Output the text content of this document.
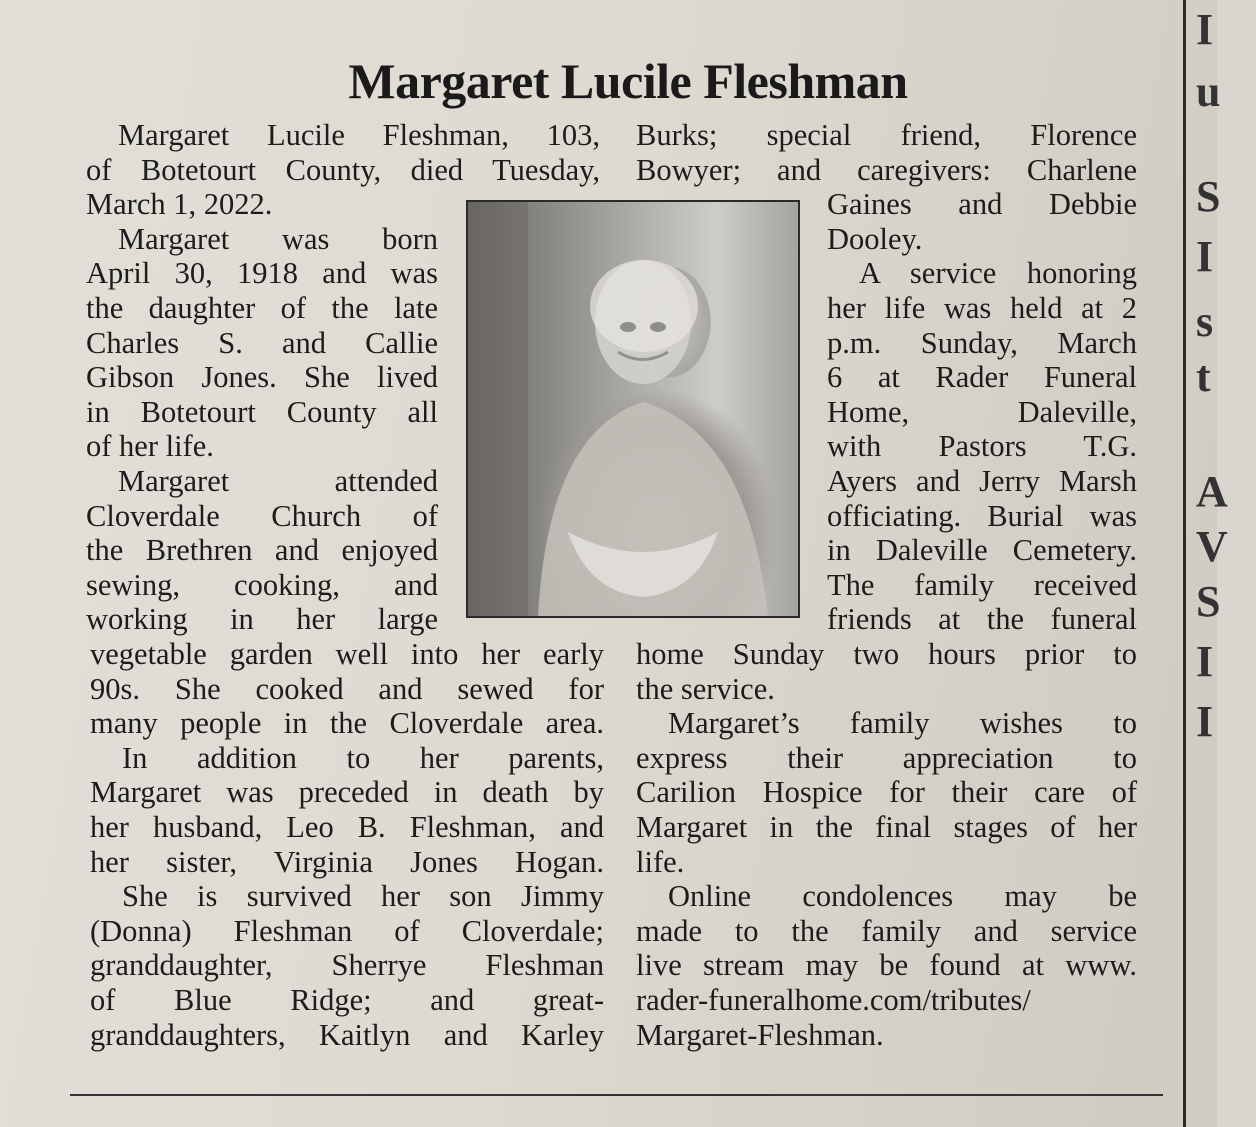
I
u
S
I
s
t
A
V
S
I
I
Margaret Lucile Fleshman
Margaret Lucile Fleshman, 103,
of Botetourt County, died Tuesday,
March 1, 2022.
Margaret was born
April 30, 1918 and was
the daughter of the late
Charles S. and Callie
Gibson Jones. She lived
in Botetourt County all
of her life.
Margaret attended
Cloverdale Church of
the Brethren and enjoyed
sewing, cooking, and
working in her large
vegetable garden well into her early
90s. She cooked and sewed for
many people in the Cloverdale area.
In addition to her parents,
Margaret was preceded in death by
her husband, Leo B. Fleshman, and
her sister, Virginia Jones Hogan.
She is survived her son Jimmy
(Donna) Fleshman of Cloverdale;
granddaughter, Sherrye Fleshman
of Blue Ridge; and great-
granddaughters, Kaitlyn and Karley
Burks; special friend, Florence
Bowyer; and caregivers: Charlene
Gaines and Debbie
Dooley.
A service honoring
her life was held at 2
p.m. Sunday, March
6 at Rader Funeral
Home, Daleville,
with Pastors T.G.
Ayers and Jerry Marsh
officiating. Burial was
in Daleville Cemetery.
The family received
friends at the funeral
home Sunday two hours prior to
the service.
Margaret’s family wishes to
express their appreciation to
Carilion Hospice for their care of
Margaret in the final stages of her
life.
Online condolences may be
made to the family and service
live stream may be found at www.
rader-funeralhome.com/tributes/
Margaret-Fleshman.
